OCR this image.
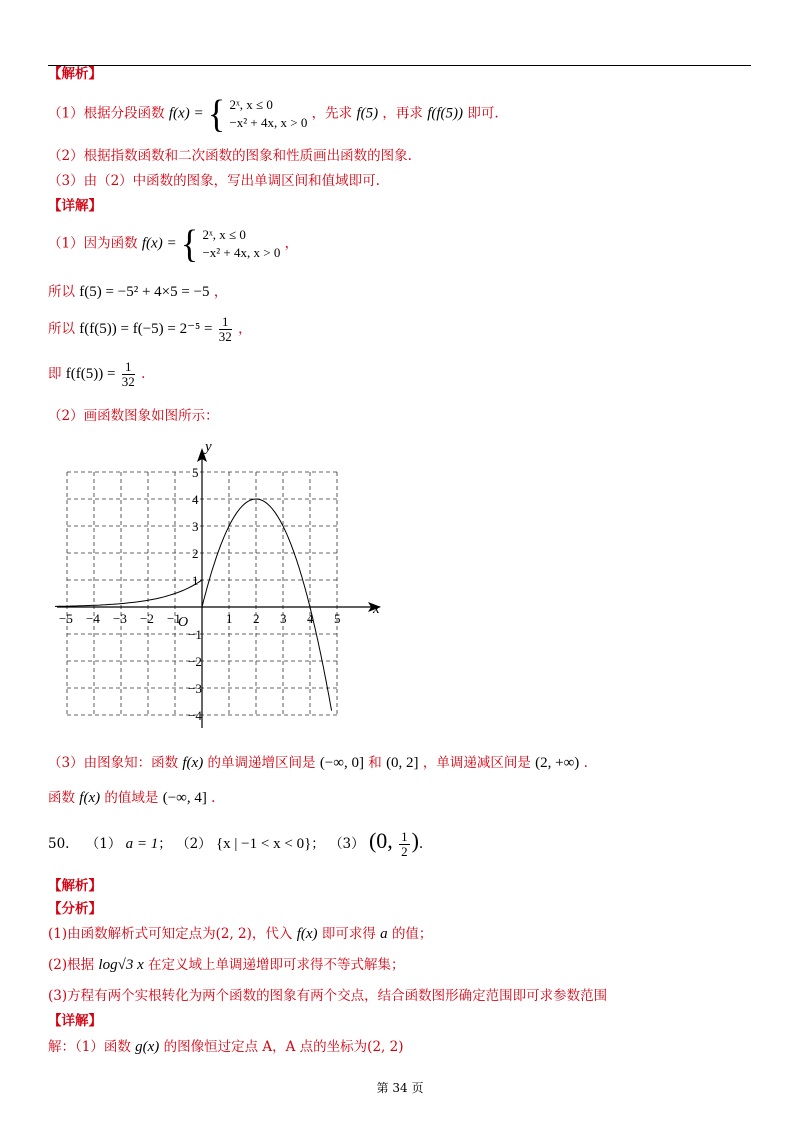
【解析】
（1）根据分段函数 f(x) = { 2ˣ, x ≤ 0
−x² + 4x, x > 0 ，先求 f(5) ，再求 f(f(5)) 即可.
（2）根据指数函数和二次函数的图象和性质画出函数的图象.
（3）由（2）中函数的图象，写出单调区间和值域即可.
【详解】
（1）因为函数 f(x) = { 2ˣ, x ≤ 0
−x² + 4x, x > 0 ，
所以 f(5) = −5² + 4×5 = −5 ，
所以 $f(f(5)) = f(-5) = 2^{-5} = \frac{1}{32}$ ，
即 $f(f(5)) = \frac{1}{32}$ .
（2）画函数图象如图所示：
y
x
O
−5 −4 −3 −2 −1	1 2 3 4 5
5
4
3
2
1
−1
−2
−3
−4
（3）由图象知：函数 f(x) 的单调递增区间是 (−∞, 0] 和 (0, 2] ，单调递减区间是 (2, +∞) .
函数 f(x) 的值域是 (−∞, 4] .
50. （1） a = 1； （2） {x | −1 < x < 0}； （3） (0, $\frac{1}{2}$ ).
【解析】
【分析】
(1)由函数解析式可知定点为(2, 2)，代入 f(x) 即可求得 a 的值；
(2)根据 log√3 x 在定义域上单调递增即可求得不等式解集；
(3)方程有两个实根转化为两个函数的图象有两个交点，结合函数图形确定范围即可求参数范围
【详解】
解：（1）函数 g(x) 的图像恒过定点 A，A 点的坐标为(2, 2)
第 34 页
